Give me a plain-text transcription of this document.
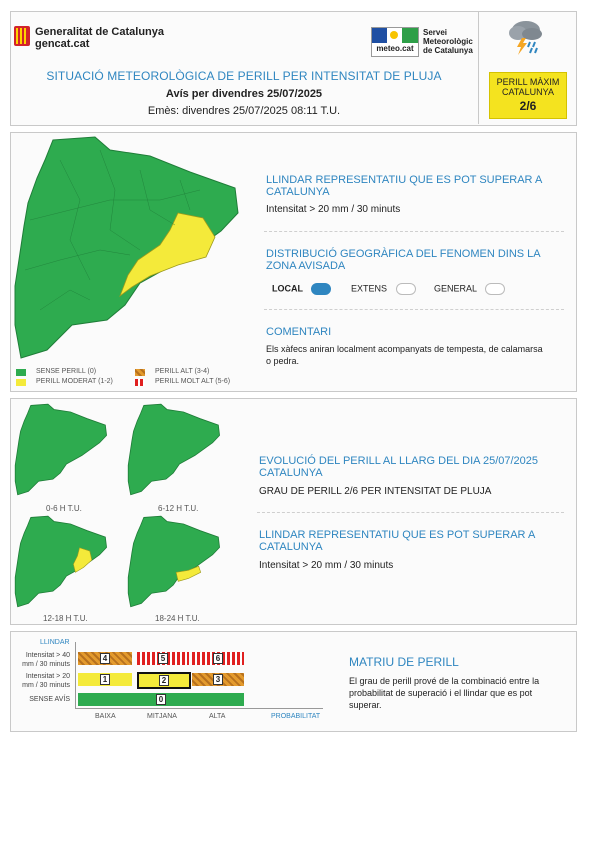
Generalitat de Catalunya
gencat.cat	meteo.cat
Servei
Meteorològic
de Catalunya
SITUACIÓ METEOROLÒGICA DE PERILL PER INTENSITAT DE PLUJA
Avís per divendres 25/07/2025
Emès: divendres 25/07/2025 08:11 T.U.
PERILL MÀXIM
CATALUNYA
2/6
SENSE PERILL (0)
PERILL MODERAT (1-2)
PERILL ALT (3-4)
PERILL MOLT ALT (5-6)
LLINDAR REPRESENTATIU QUE ES POT SUPERAR A CATALUNYA
Intensitat > 20 mm / 30 minuts
DISTRIBUCIÓ GEOGRÀFICA DEL FENOMEN DINS LA ZONA AVISADA
LOCAL	EXTENS	GENERAL
COMENTARI
Els xàfecs aniran localment acompanyats de tempesta, de calamarsa o pedra.
0-6 H T.U.	6-12 H T.U.
12-18 H T.U.	18-24 H T.U.
EVOLUCIÓ DEL PERILL AL LLARG DEL DIA 25/07/2025
CATALUNYA
GRAU DE PERILL 2/6 PER INTENSITAT DE PLUJA
LLINDAR REPRESENTATIU QUE ES POT SUPERAR A CATALUNYA
Intensitat > 20 mm / 30 minuts
LLINDAR
Intensitat > 40 mm / 30 minuts
Intensitat > 20 mm / 30 minuts
SENSE AVÍS
4	5	6
1	2	3
0
BAIXA	MITJANA	ALTA	PROBABILITAT
MATRIU DE PERILL
El grau de perill prové de la combinació entre la probabilitat de superació i el llindar que es pot superar.
